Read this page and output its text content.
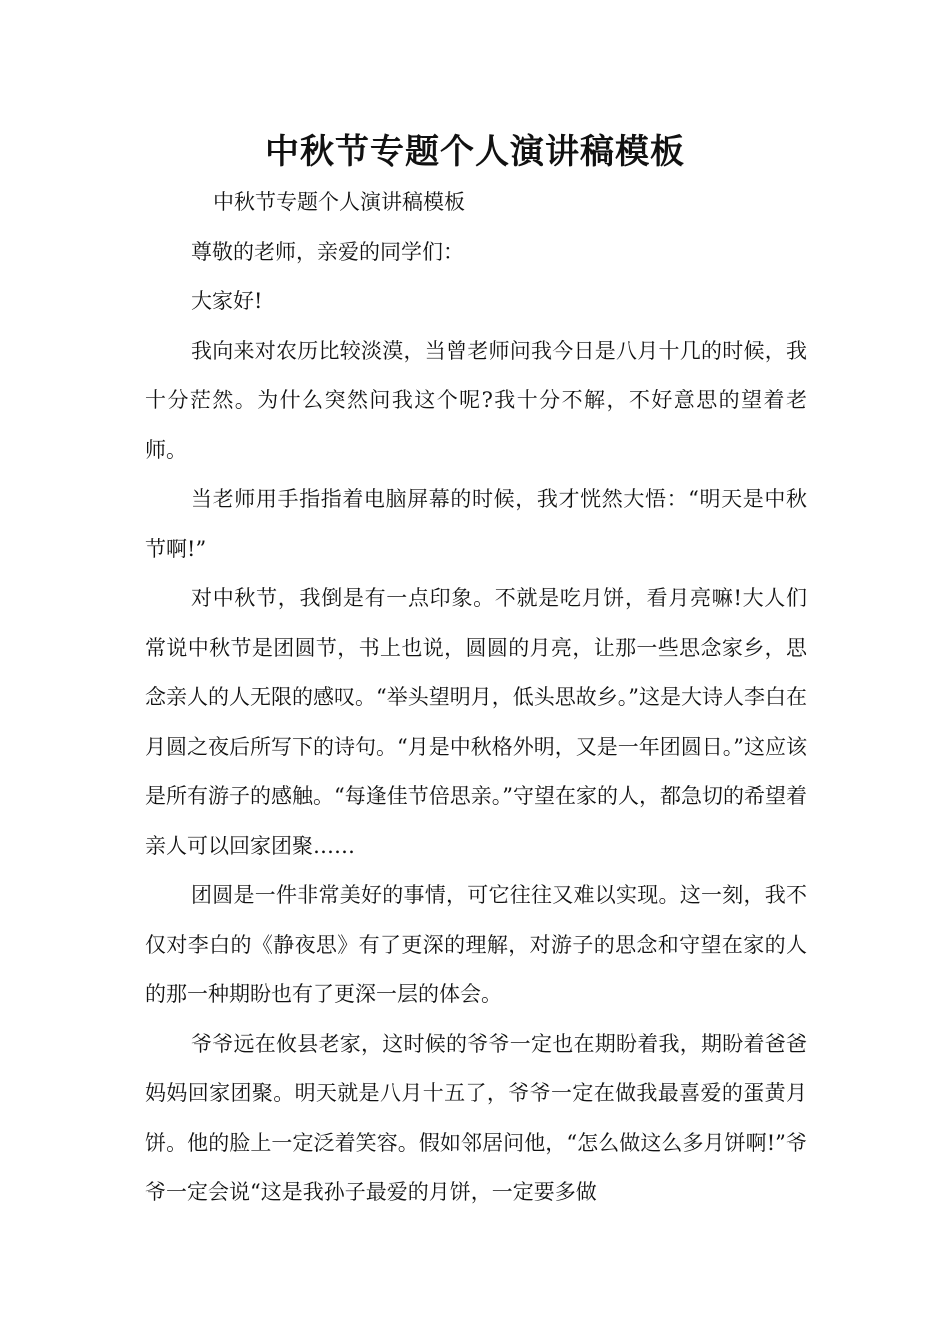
中秋节专题个人演讲稿模板

中秋节专题个人演讲稿模板

尊敬的老师，亲爱的同学们：

大家好!

我向来对农历比较淡漠，当曾老师问我今日是八月十几的时候，我十分茫然。为什么突然问我这个呢?我十分不解，不好意思的望着老师。

当老师用手指指着电脑屏幕的时候，我才恍然大悟：“明天是中秋节啊!”

对中秋节，我倒是有一点印象。不就是吃月饼，看月亮嘛!大人们常说中秋节是团圆节，书上也说，圆圆的月亮，让那一些思念家乡，思念亲人的人无限的感叹。“举头望明月，低头思故乡。”这是大诗人李白在月圆之夜后所写下的诗句。“月是中秋格外明，又是一年团圆日。”这应该是所有游子的感触。“每逢佳节倍思亲。”守望在家的人，都急切的希望着亲人可以回家团聚……

团圆是一件非常美好的事情，可它往往又难以实现。这一刻，我不仅对李白的《静夜思》有了更深的理解，对游子的思念和守望在家的人的那一种期盼也有了更深一层的体会。

爷爷远在攸县老家，这时候的爷爷一定也在期盼着我，期盼着爸爸妈妈回家团聚。明天就是八月十五了，爷爷一定在做我最喜爱的蛋黄月饼。他的脸上一定泛着笑容。假如邻居问他，“怎么做这么多月饼啊!”爷爷一定会说“这是我孙子最爱的月饼，一定要多做
